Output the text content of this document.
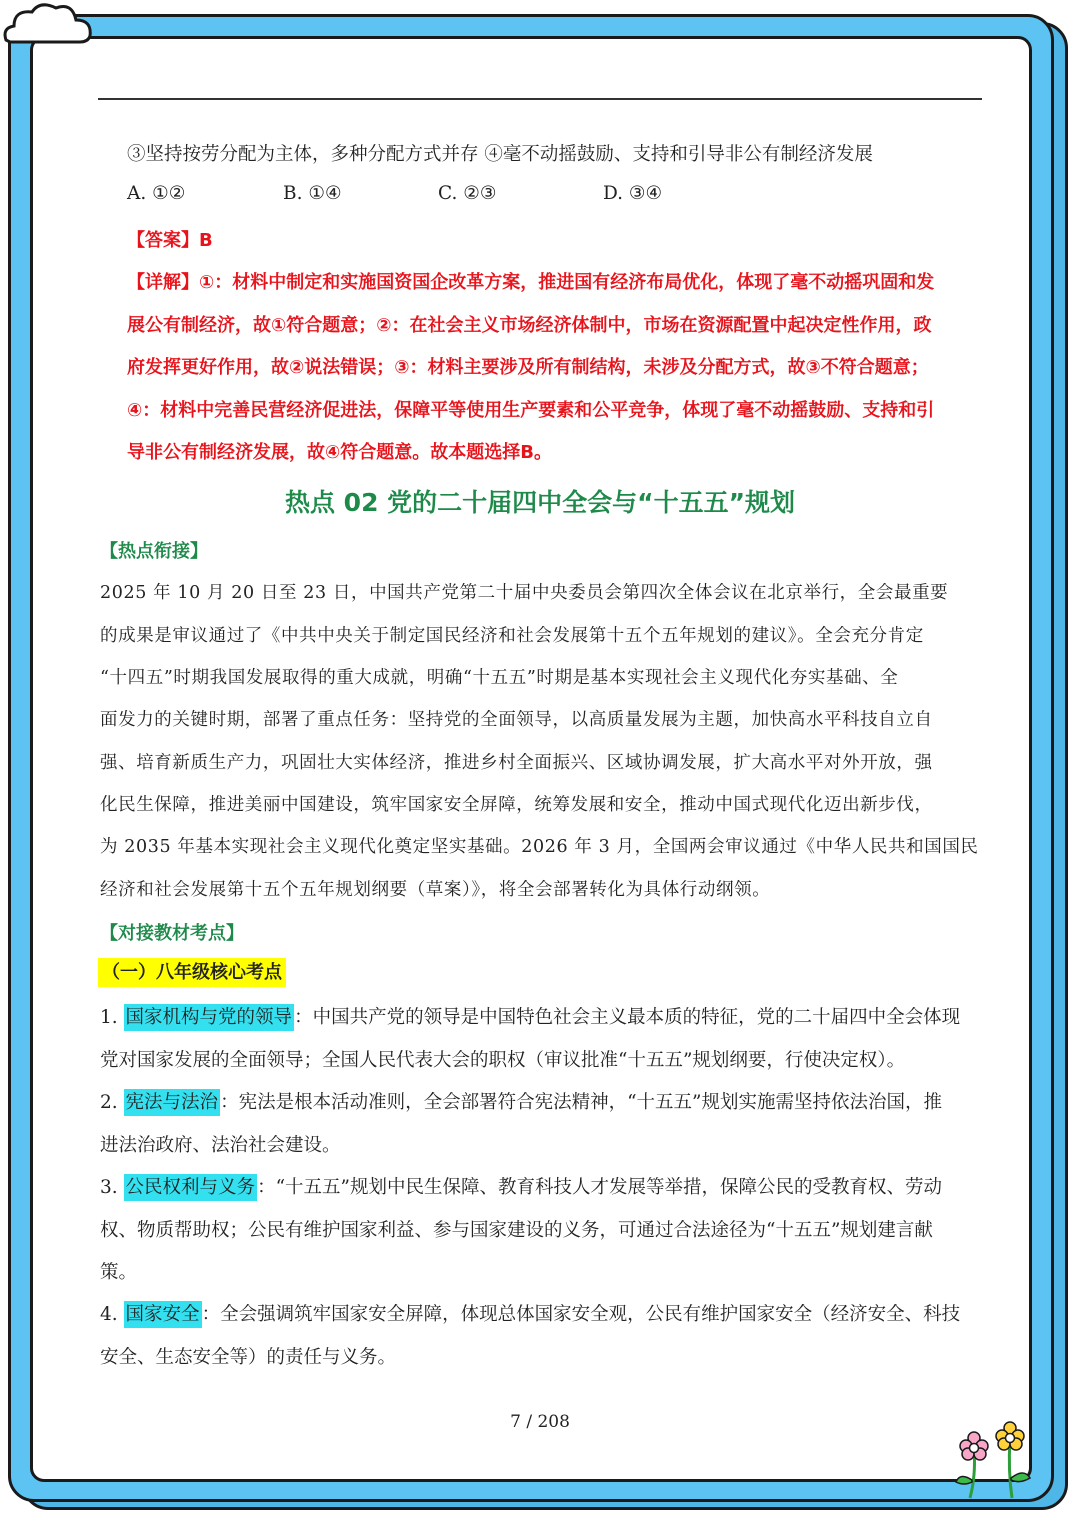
③坚持按劳分配为主体，多种分配方式并存 ④毫不动摇鼓励、支持和引导非公有制经济发展
A. ①②	B. ①④	C. ②③	D. ③④
【答案】B
【详解】①：材料中制定和实施国资国企改革方案，推进国有经济布局优化，体现了毫不动摇巩固和发
展公有制经济，故①符合题意；②：在社会主义市场经济体制中，市场在资源配置中起决定性作用，政
府发挥更好作用，故②说法错误；③：材料主要涉及所有制结构，未涉及分配方式，故③不符合题意；
④：材料中完善民营经济促进法，保障平等使用生产要素和公平竞争，体现了毫不动摇鼓励、支持和引
导非公有制经济发展，故④符合题意。故本题选择B。
热点 02 党的二十届四中全会与“十五五”规划
【热点衔接】
2025 年 10 月 20 日至 23 日，中国共产党第二十届中央委员会第四次全体会议在北京举行，全会最重要
的成果是审议通过了《中共中央关于制定国民经济和社会发展第十五个五年规划的建议》。全会充分肯定
“十四五”时期我国发展取得的重大成就，明确“十五五”时期是基本实现社会主义现代化夯实基础、全
面发力的关键时期，部署了重点任务：坚持党的全面领导，以高质量发展为主题，加快高水平科技自立自
强、培育新质生产力，巩固壮大实体经济，推进乡村全面振兴、区域协调发展，扩大高水平对外开放，强
化民生保障，推进美丽中国建设，筑牢国家安全屏障，统筹发展和安全，推动中国式现代化迈出新步伐，
为 2035 年基本实现社会主义现代化奠定坚实基础。2026 年 3 月，全国两会审议通过《中华人民共和国国民
经济和社会发展第十五个五年规划纲要（草案）》，将全会部署转化为具体行动纲领。
【对接教材考点】
（一）八年级核心考点
1. 国家机构与党的领导 ：中国共产党的领导是中国特色社会主义最本质的特征，党的二十届四中全会体现
党对国家发展的全面领导；全国人民代表大会的职权（审议批准“十五五”规划纲要，行使决定权）。
2. 宪法与法治 ：宪法是根本活动准则，全会部署符合宪法精神，“十五五”规划实施需坚持依法治国，推
进法治政府、法治社会建设。
3. 公民权利与义务 ：“十五五”规划中民生保障、教育科技人才发展等举措，保障公民的受教育权、劳动
权、物质帮助权；公民有维护国家利益、参与国家建设的义务，可通过合法途径为“十五五”规划建言献
策。
4. 国家安全 ：全会强调筑牢国家安全屏障，体现总体国家安全观，公民有维护国家安全（经济安全、科技
安全、生态安全等）的责任与义务。
7 / 208
